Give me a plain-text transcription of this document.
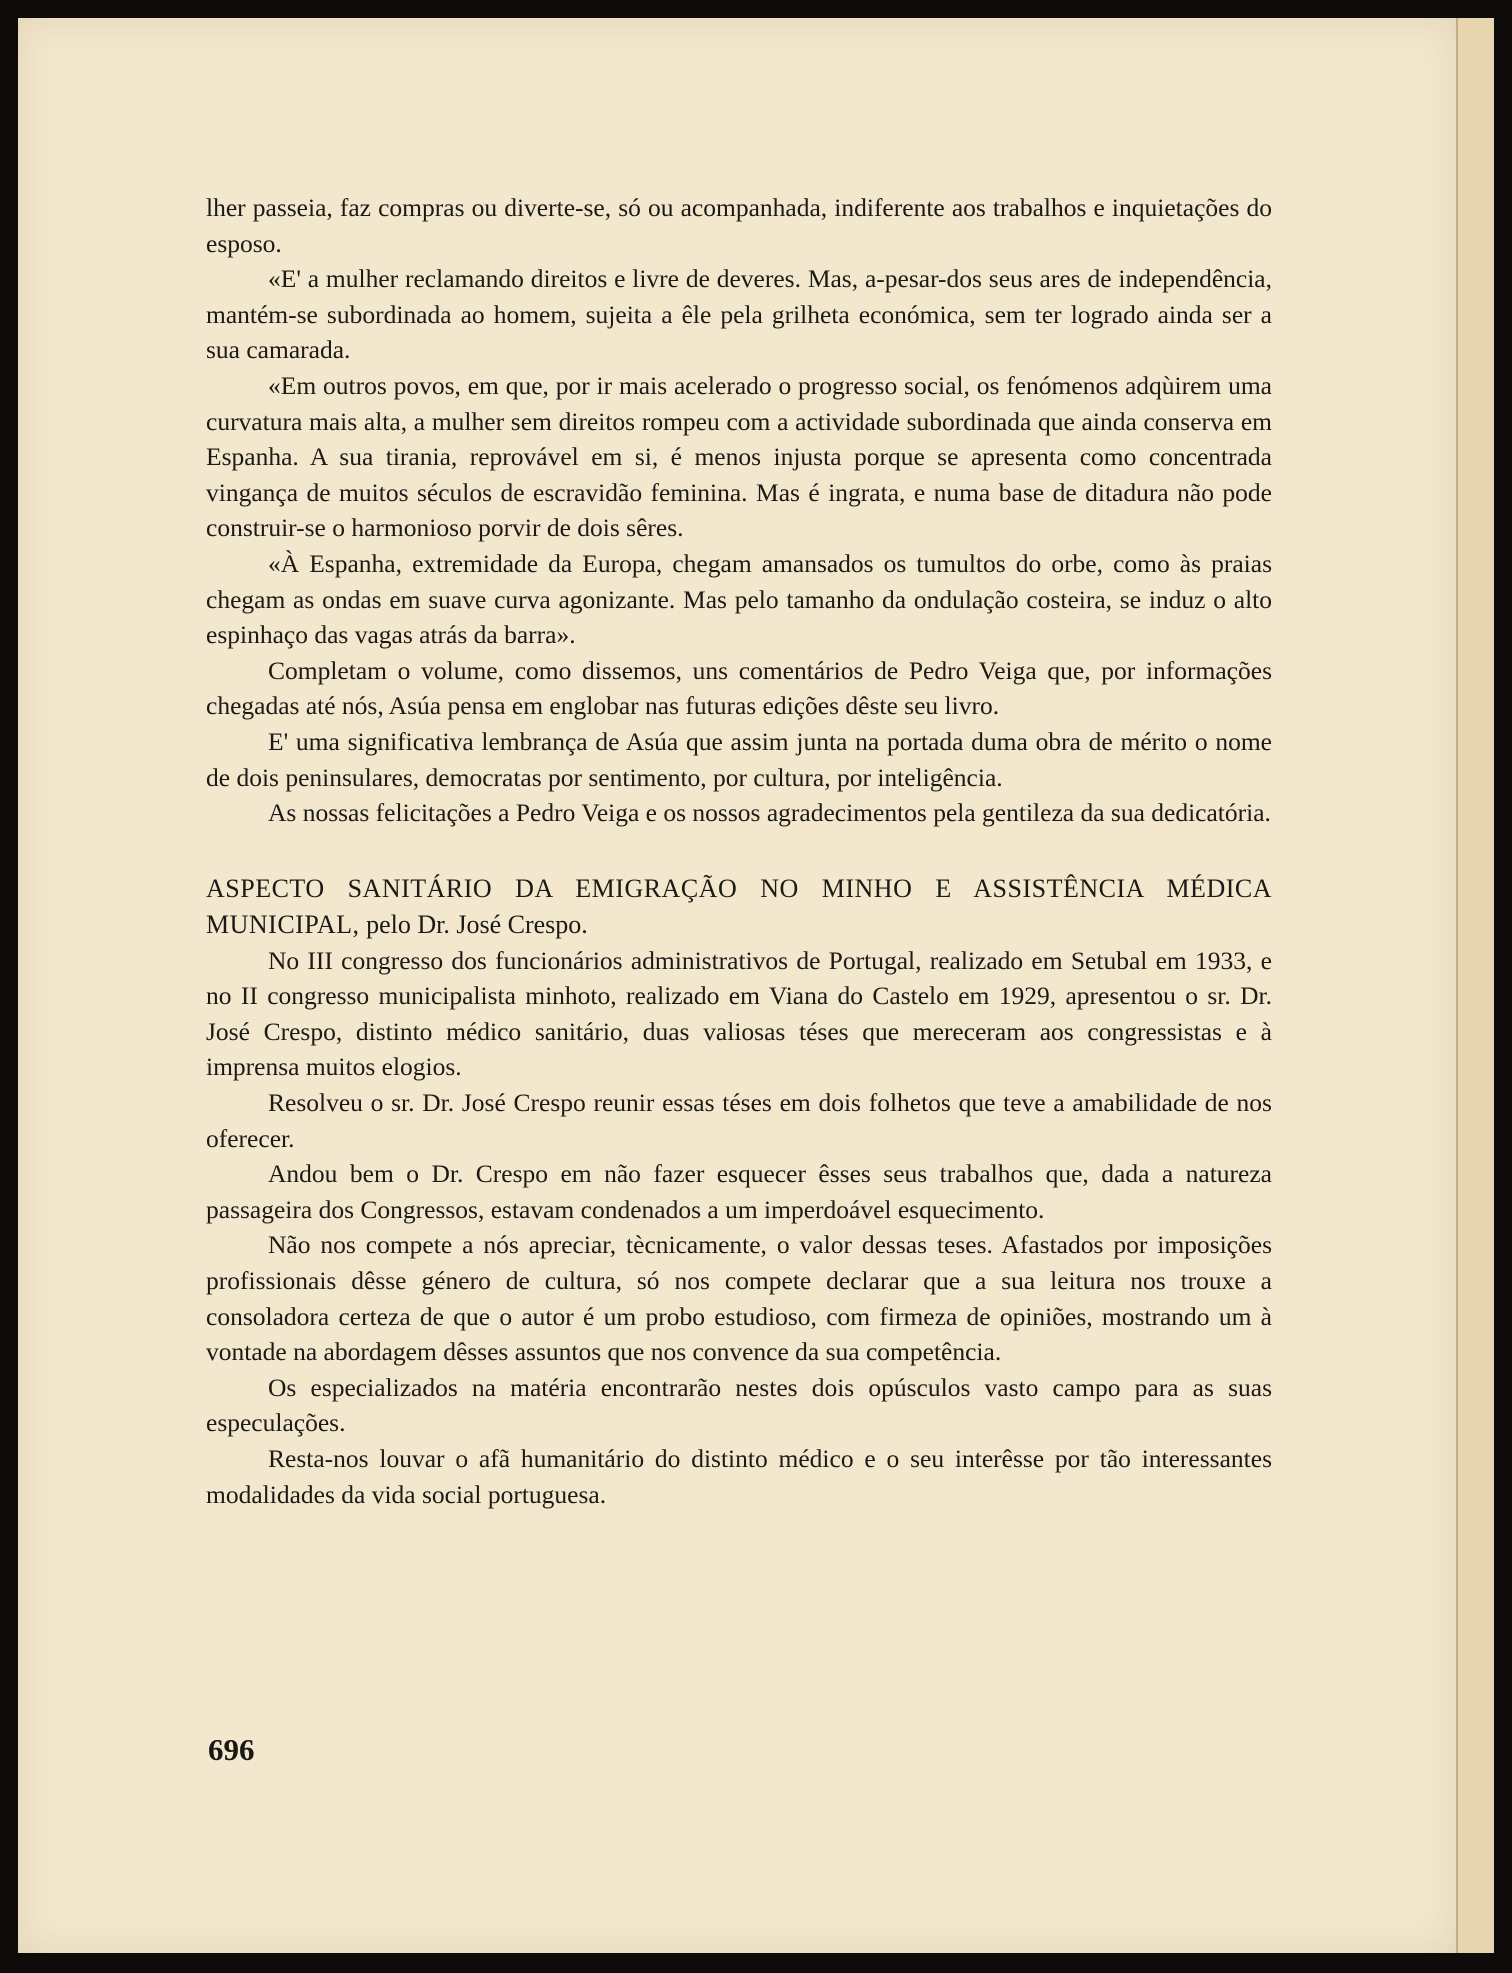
lher passeia, faz compras ou diverte-se, só ou acompanhada, indiferente aos trabalhos e inquietações do esposo.

«E' a mulher reclamando direitos e livre de deveres. Mas, a-pesar-dos seus ares de independência, mantém-se subordinada ao homem, sujeita a êle pela grilheta económica, sem ter logrado ainda ser a sua camarada.

«Em outros povos, em que, por ir mais acelerado o progresso social, os fenómenos adqùirem uma curvatura mais alta, a mulher sem direitos rompeu com a actividade subordinada que ainda conserva em Espanha. A sua tirania, reprovável em si, é menos injusta porque se apresenta como concentrada vingança de muitos séculos de escravidão feminina. Mas é ingrata, e numa base de ditadura não pode construir-se o harmonioso porvir de dois sêres.

«À Espanha, extremidade da Europa, chegam amansados os tumultos do orbe, como às praias chegam as ondas em suave curva agonizante. Mas pelo tamanho da ondulação costeira, se induz o alto espinhaço das vagas atrás da barra».

Completam o volume, como dissemos, uns comentários de Pedro Veiga que, por informações chegadas até nós, Asúa pensa em englobar nas futuras edições dêste seu livro.

E' uma significativa lembrança de Asúa que assim junta na portada duma obra de mérito o nome de dois peninsulares, democratas por sentimento, por cultura, por inteligência.

As nossas felicitações a Pedro Veiga e os nossos agradecimentos pela gentileza da sua dedicatória.

ASPECTO SANITÁRIO DA EMIGRAÇÃO NO MINHO E ASSISTÊNCIA MÉDICA MUNICIPAL, pelo Dr. José Crespo.

No III congresso dos funcionários administrativos de Portugal, realizado em Setubal em 1933, e no II congresso municipalista minhoto, realizado em Viana do Castelo em 1929, apresentou o sr. Dr. José Crespo, distinto médico sanitário, duas valiosas téses que mereceram aos congressistas e à imprensa muitos elogios.

Resolveu o sr. Dr. José Crespo reunir essas téses em dois folhetos que teve a amabilidade de nos oferecer.

Andou bem o Dr. Crespo em não fazer esquecer êsses seus trabalhos que, dada a natureza passageira dos Congressos, estavam condenados a um imperdoável esquecimento.

Não nos compete a nós apreciar, tècnicamente, o valor dessas teses. Afastados por imposições profissionais dêsse género de cultura, só nos compete declarar que a sua leitura nos trouxe a consoladora certeza de que o autor é um probo estudioso, com firmeza de opiniões, mostrando um à vontade na abordagem dêsses assuntos que nos convence da sua competência.

Os especializados na matéria encontrarão nestes dois opúsculos vasto campo para as suas especulações.

Resta-nos louvar o afã humanitário do distinto médico e o seu interêsse por tão interessantes modalidades da vida social portuguesa.

696
